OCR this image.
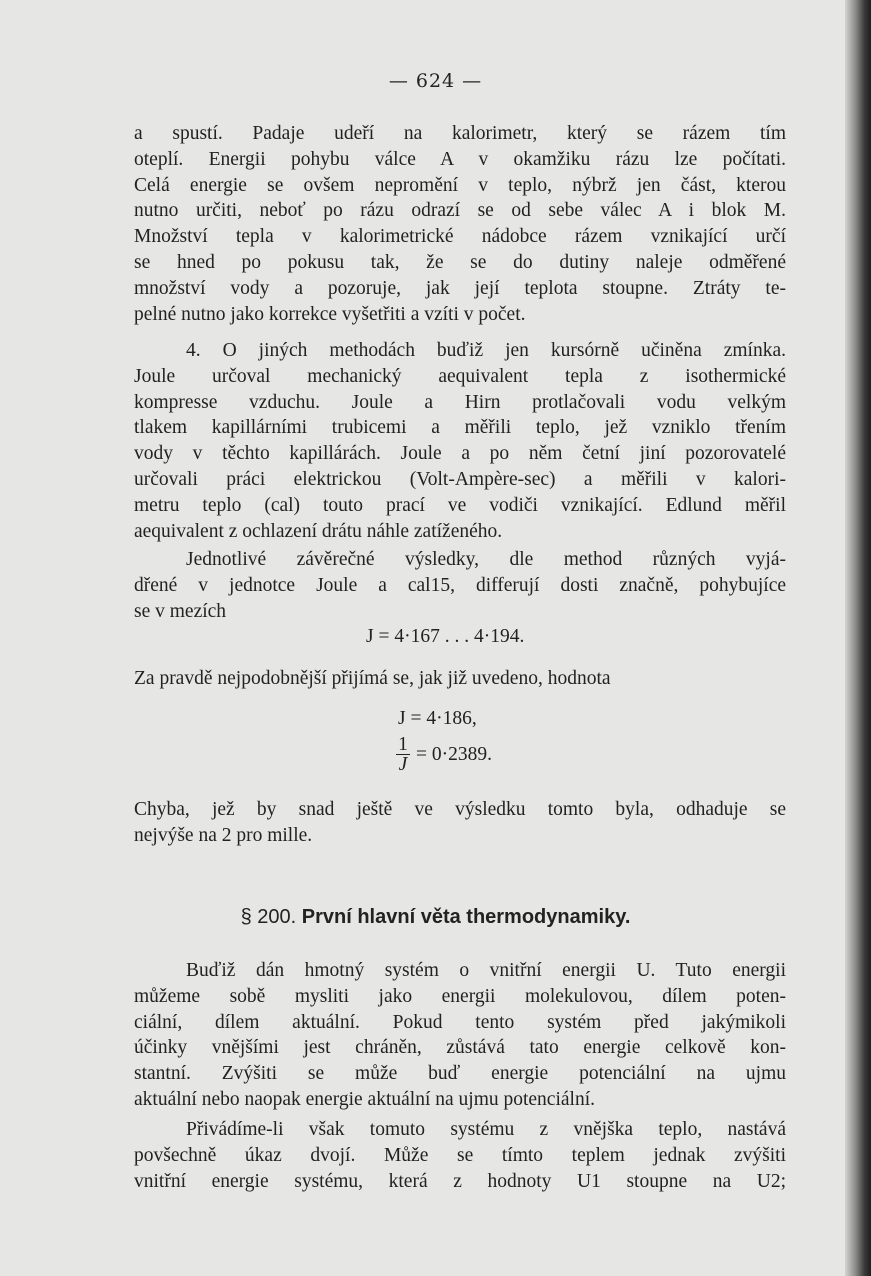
— 624 —
a spustí. Padaje udeří na kalorimetr, který se rázem tím
oteplí. Energii pohybu válce A v okamžiku rázu lze počítati.
Celá energie se ovšem nepromění v teplo, nýbrž jen část, kterou
nutno určiti, neboť po rázu odrazí se od sebe válec A i blok M.
Množství tepla v kalorimetrické nádobce rázem vznikající určí
se hned po pokusu tak, že se do dutiny naleje odměřené
množství vody a pozoruje, jak její teplota stoupne. Ztráty te-
pelné nutno jako korrekce vyšetřiti a vzíti v počet.
4. O jiných methodách buďiž jen kursórně učiněna zmínka.
Joule určoval mechanický aequivalent tepla z isothermické
kompresse vzduchu. Joule a Hirn protlačovali vodu velkým
tlakem kapillárními trubicemi a měřili teplo, jež vzniklo třením
vody v těchto kapillárách. Joule a po něm četní jiní pozorovatelé
určovali práci elektrickou (Volt-Ampère-sec) a měřili v kalori-
metru teplo (cal) touto prací ve vodiči vznikající. Edlund měřil
aequivalent z ochlazení drátu náhle zatíženého.
Jednotlivé závěrečné výsledky, dle method různých vyjá-
dřené v jednotce Joule a cal15, differují dosti značně, pohybujíce
se v mezích
J = 4·167 . . . 4·194.
Za pravdě nejpodobnější přijímá se, jak již uvedeno, hodnota
J = 4·186,
$\frac{1}{J} = 0\cdot 2389$.
Chyba, jež by snad ještě ve výsledku tomto byla, odhaduje se
nejvýše na 2 pro mille.
§ 200. První hlavní věta thermodynamiky.
Buďiž dán hmotný systém o vnitřní energii U. Tuto energii
můžeme sobě mysliti jako energii molekulovou, dílem poten-
ciální, dílem aktuální. Pokud tento systém před jakýmikoli
účinky vnějšími jest chráněn, zůstává tato energie celkově kon-
stantní. Zvýšiti se může buď energie potenciální na ujmu
aktuální nebo naopak energie aktuální na ujmu potenciální.
Přivádíme-li však tomuto systému z vnějška teplo, nastává
povšechně úkaz dvojí. Může se tímto teplem jednak zvýšiti
vnitřní energie systému, která z hodnoty U1 stoupne na U2;
